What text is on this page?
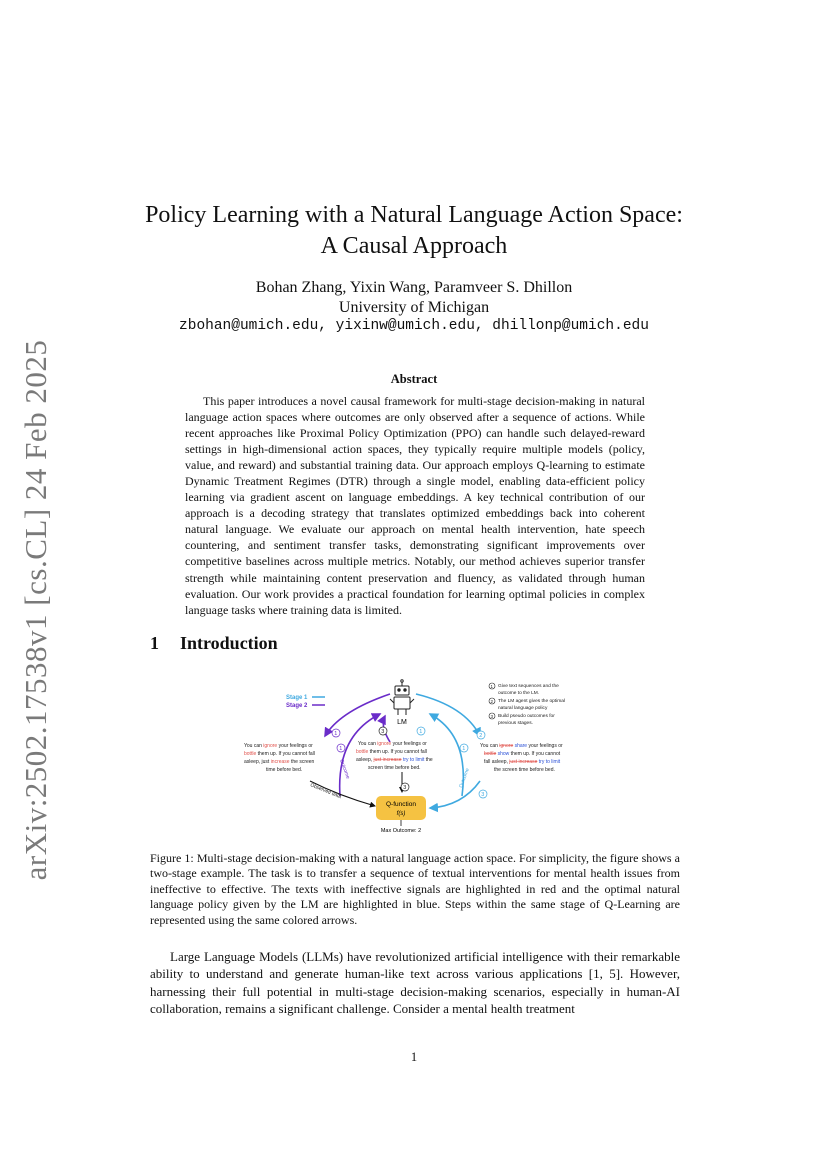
arXiv:2502.17538v1 [cs.CL] 24 Feb 2025
Policy Learning with a Natural Language Action Space:
A Causal Approach
Bohan Zhang, Yixin Wang, Paramveer S. Dhillon
University of Michigan
zbohan@umich.edu, yixinw@umich.edu, dhillonp@umich.edu
Abstract

This paper introduces a novel causal framework for multi-stage decision-making in natural language action spaces where outcomes are only observed after a sequence of actions. While recent approaches like Proximal Policy Optimization (PPO) can handle such delayed-reward settings in high-dimensional action spaces, they typically require multiple models (policy, value, and reward) and substantial training data. Our approach employs Q-learning to estimate Dynamic Treatment Regimes (DTR) through a single model, enabling data-efficient policy learning via gradient ascent on language embeddings. A key technical contribution of our approach is a decoding strategy that translates optimized embeddings back into coherent natural language. We evaluate our approach on mental health intervention, hate speech countering, and sentiment transfer tasks, demonstrating significant improvements over competitive baselines across multiple metrics. Notably, our method achieves superior transfer strength while maintaining content preservation and fluency, as validated through human evaluation. Our work provides a practical foundation for learning optimal policies in complex language tasks where training data is limited.

1 Introduction
Stage 1
Stage 2
LM
1 Give text sequences and the
outcome to the LM.
2 The LM agent gives the optimal
natural language policy
3 Build pseudo outcomes for
previous stages.
1
1
3	1
1
2
3
3
You can ignore your feelings or
bottle them up. If you cannot fall
asleep, just increase the screen
time before bed.
You can ignore your feelings or
bottle them up. If you cannot fall
asleep, just increase try to limit the
screen time before bed.
You can ignore share your feelings or
bottle show them up. If you cannot
fall asleep, just increase try to limit
the screen time before bed.
Observed data
Outcome	Outcome
Q-function
f(s)
Max Outcome: 2

Figure 1: Multi-stage decision-making with a natural language action space. For simplicity, the figure shows a two-stage example. The task is to transfer a sequence of textual interventions for mental health issues from ineffective to effective. The texts with ineffective signals are highlighted in red and the optimal natural language policy given by the LM are highlighted in blue. Steps within the same stage of Q-Learning are represented using the same colored arrows.

Large Language Models (LLMs) have revolutionized artificial intelligence with their remarkable ability to understand and generate human-like text across various applications [1, 5]. However, harnessing their full potential in multi-stage decision-making scenarios, especially in human-AI collaboration, remains a significant challenge. Consider a mental health treatment

1
